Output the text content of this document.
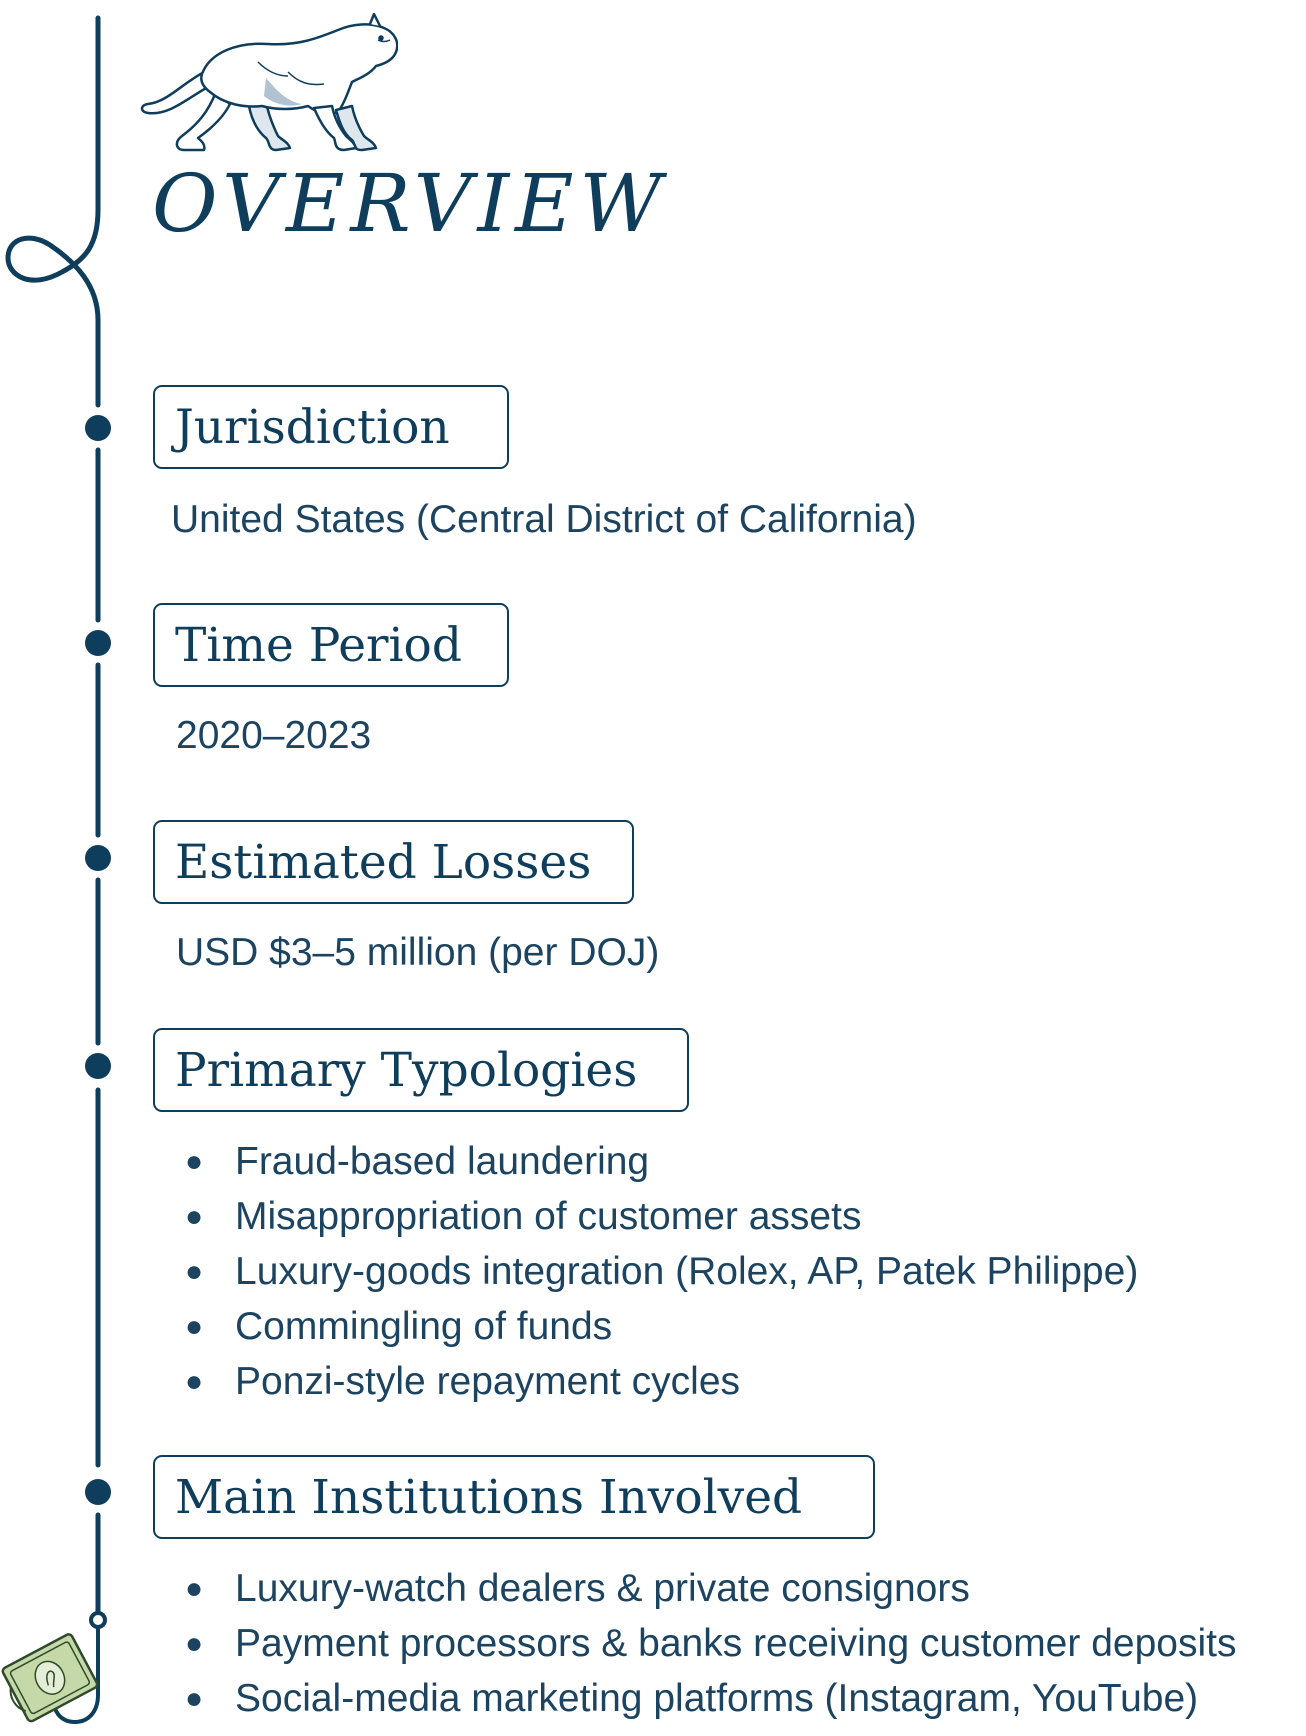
OVERVIEW
Jurisdiction
United States (Central District of California)
Time Period
2020–2023
Estimated Losses
USD $3–5 million (per DOJ)
Primary Typologies
● Fraud-based laundering
● Misappropriation of customer assets
● Luxury-goods integration (Rolex, AP, Patek Philippe)
● Commingling of funds
● Ponzi-style repayment cycles
Main Institutions Involved
● Luxury-watch dealers & private consignors
● Payment processors & banks receiving customer deposits
● Social-media marketing platforms (Instagram, YouTube)
